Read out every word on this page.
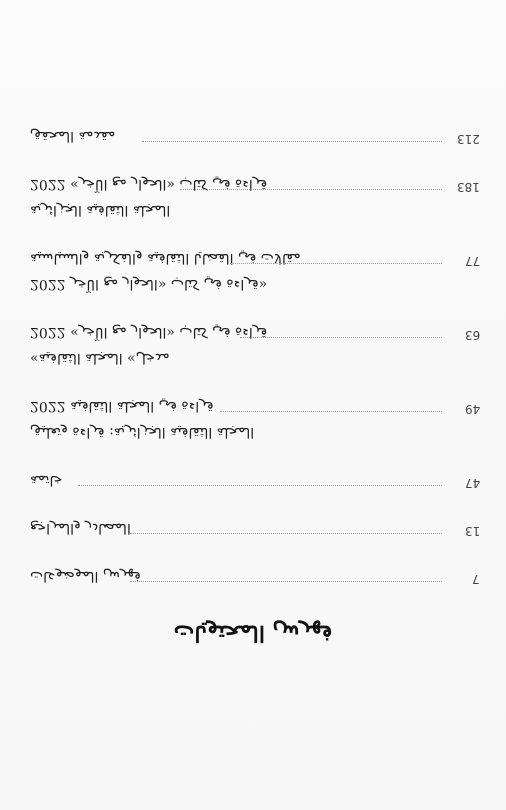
مقدمة المحقق	213
قراءة في كتاب «الحوار مع الآخر» 2022	183
المجلة الثقافية الجزائرية
مقالات في القضايا الثقافية والفكرية والسياسية	77
2022 قراءة في كتاب «الحوار مع الآخر»
قراءة في كتاب «الحوار مع الآخر» 2022	63
«مدخل» المجلة الثقافية
2022 قراءة في المجلة الثقافية	49
المجلة الثقافية الجزائرية: قراءة وتعليق
خاتمة	47
المصادر والمراجع	13
فهرس الموضوعات	7
فهرس المحتويات
